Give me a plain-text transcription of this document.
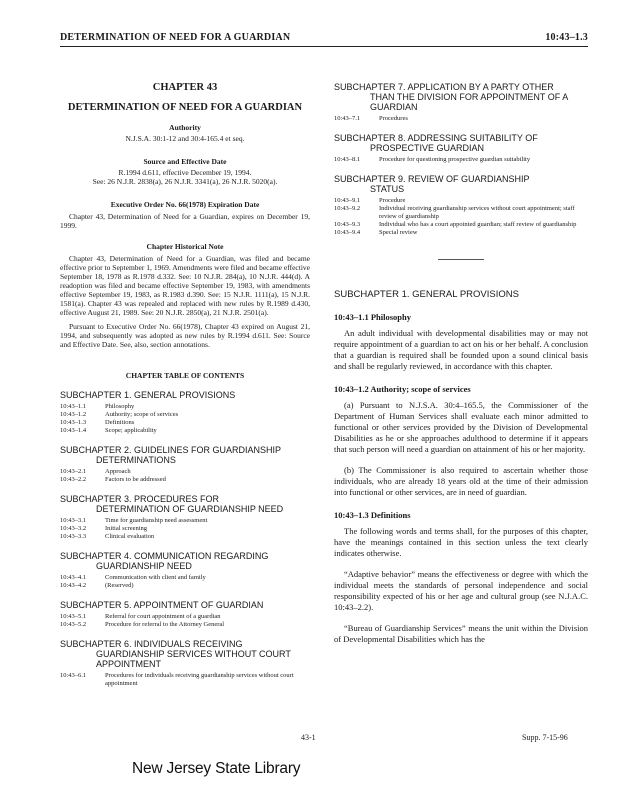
DETERMINATION OF NEED FOR A GUARDIAN	10:43–1.3
CHAPTER 43
DETERMINATION OF NEED FOR A GUARDIAN
Authority
N.J.S.A. 30:1-12 and 30:4-165.4 et seq.
Source and Effective Date
R.1994 d.611, effective December 19, 1994.
See: 26 N.J.R. 2838(a), 26 N.J.R. 3341(a), 26 N.J.R. 5020(a).
Executive Order No. 66(1978) Expiration Date

Chapter 43, Determination of Need for a Guardian, expires on December 19, 1999.

Chapter Historical Note

Chapter 43, Determination of Need for a Guardian, was filed and became effective prior to September 1, 1969. Amendments were filed and became effective September 18, 1978 as R.1978 d.332. See: 10 N.J.R. 284(a), 10 N.J.R. 444(d). A readoption was filed and became effective September 19, 1983, with amendments effective September 19, 1983, as R.1983 d.390. See: 15 N.J.R. 1111(a), 15 N.J.R. 1581(a). Chapter 43 was repealed and replaced with new rules by R.1989 d.430, effective August 21, 1989. See: 20 N.J.R. 2850(a), 21 N.J.R. 2501(a).

Pursuant to Executive Order No. 66(1978), Chapter 43 expired on August 21, 1994, and subsequently was adopted as new rules by R.1994 d.611. See: Source and Effective Date. See, also, section annotations.

CHAPTER TABLE OF CONTENTS
SUBCHAPTER 1. GENERAL PROVISIONS
10:43–1.1	Philosophy
10:43–1.2	Authority; scope of services
10:43–1.3	Definitions
10:43–1.4	Scope; applicability
SUBCHAPTER 2. GUIDELINES FOR GUARDIANSHIP
DETERMINATIONS
10:43–2.1	Approach
10:43–2.2	Factors to be addressed
SUBCHAPTER 3. PROCEDURES FOR
DETERMINATION OF GUARDIANSHIP NEED
10:43–3.1	Time for guardianship need assessment
10:43–3.2	Initial screening
10:43–3.3	Clinical evaluation
SUBCHAPTER 4. COMMUNICATION REGARDING
GUARDIANSHIP NEED
10:43–4.1	Communication with client and family
10:43–4.2	(Reserved)
SUBCHAPTER 5. APPOINTMENT OF GUARDIAN
10:43–5.1	Referral for court appointment of a guardian
10:43–5.2	Procedure for referral to the Attorney General
SUBCHAPTER 6. INDIVIDUALS RECEIVING
GUARDIANSHIP SERVICES WITHOUT COURT APPOINTMENT
10:43–6.1	Procedures for individuals receiving guardianship services without court appointment
SUBCHAPTER 7. APPLICATION BY A PARTY OTHER
THAN THE DIVISION FOR APPOINTMENT OF A GUARDIAN
10:43–7.1	Procedures
SUBCHAPTER 8. ADDRESSING SUITABILITY OF
PROSPECTIVE GUARDIAN
10:43–8.1	Procedure for questioning prospective guardian suitability
SUBCHAPTER 9. REVIEW OF GUARDIANSHIP
STATUS
10:43–9.1	Procedure
10:43–9.2	Individual receiving guardianship services without court appointment; staff review of guardianship
10:43–9.3	Individual who has a court appointed guardian; staff review of guardianship
10:43–9.4	Special review
SUBCHAPTER 1. GENERAL PROVISIONS
10:43–1.1 Philosophy

An adult individual with developmental disabilities may or may not require appointment of a guardian to act on his or her behalf. A conclusion that a guardian is required shall be founded upon a sound clinical basis and shall be regularly reviewed, in accordance with this chapter.

10:43–1.2 Authority; scope of services

(a) Pursuant to N.J.S.A. 30:4–165.5, the Commissioner of the Department of Human Services shall evaluate each minor admitted to functional or other services provided by the Division of Developmental Disabilities as he or she approaches adulthood to determine if it appears that such person will need a guardian on attainment of his or her majority.

(b) The Commissioner is also required to ascertain whether those individuals, who are already 18 years old at the time of their admission into functional or other services, are in need of guardian.

10:43–1.3 Definitions

The following words and terms shall, for the purposes of this chapter, have the meanings contained in this section unless the text clearly indicates otherwise.

“Adaptive behavior” means the effectiveness or degree with which the individual meets the standards of personal independence and social responsibility expected of his or her age and cultural group (see N.J.A.C. 10:43–2.2).

“Bureau of Guardianship Services” means the unit within the Division of Developmental Disabilities which has the

43-1	Supp. 7-15-96
New Jersey State Library
